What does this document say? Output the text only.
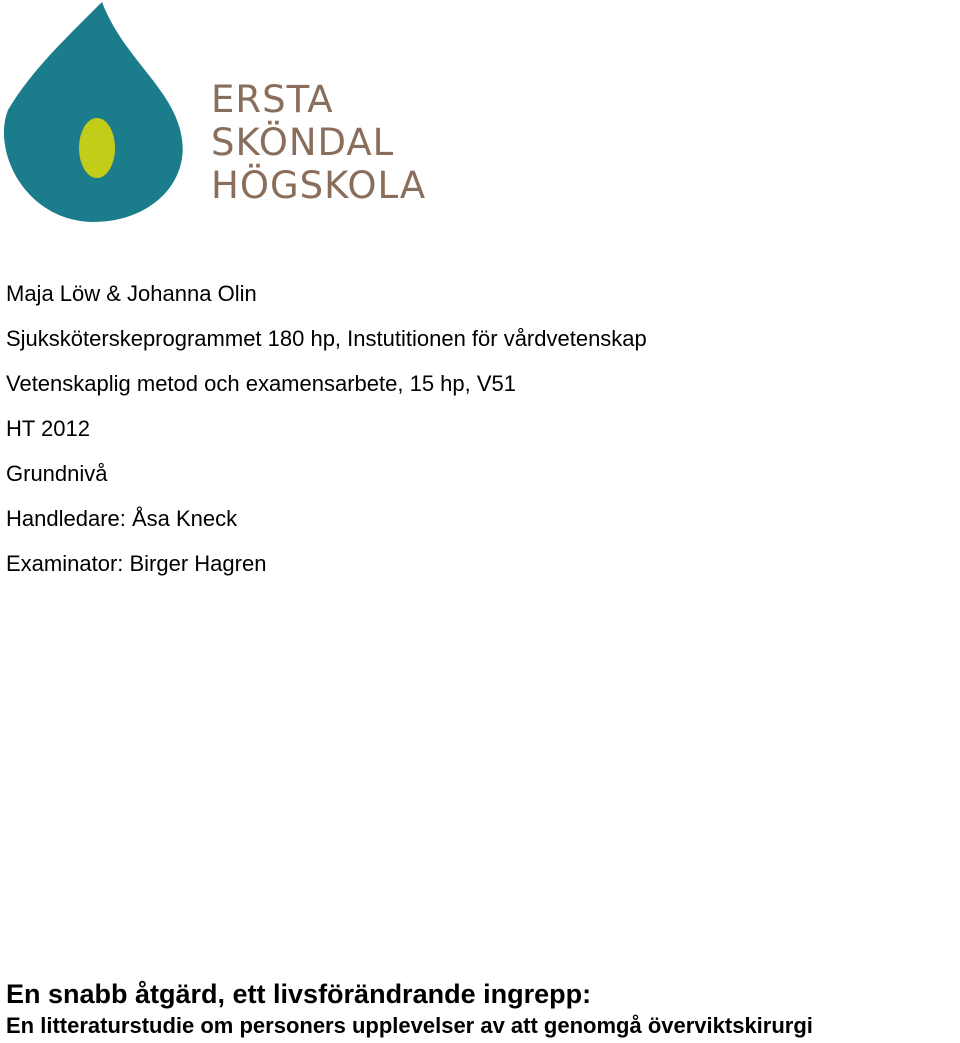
ERSTA
SKÖNDAL
HÖGSKOLA
Maja Löw & Johanna Olin
Sjuksköterskeprogrammet 180 hp, Instutitionen för vårdvetenskap
Vetenskaplig metod och examensarbete, 15 hp, V51
HT 2012
Grundnivå
Handledare: Åsa Kneck
Examinator: Birger Hagren
En snabb åtgärd, ett livsförändrande ingrepp:
En litteraturstudie om personers upplevelser av att genomgå överviktskirurgi
